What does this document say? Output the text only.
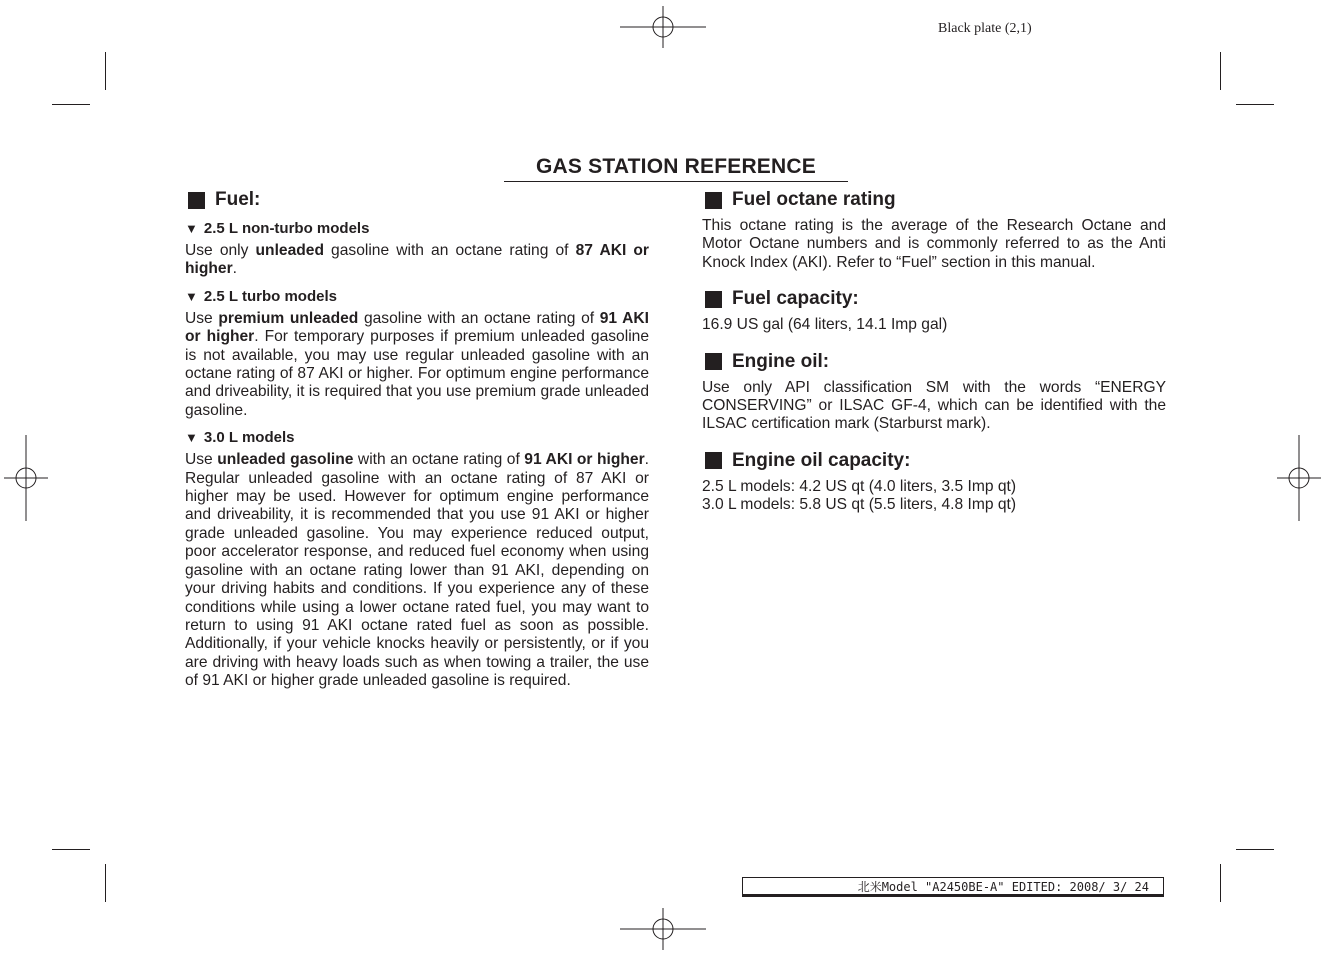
Black plate (2,1)
GAS STATION REFERENCE
Fuel:
▼ 2.5 L non-turbo models

Use only unleaded gasoline with an octane rating of 87 AKI or higher.

▼ 2.5 L turbo models

Use premium unleaded gasoline with an octane rating of 91 AKI or higher. For temporary purposes if premium unleaded gasoline is not available, you may use regular unleaded gasoline with an octane rating of 87 AKI or higher. For optimum engine performance and driveability, it is required that you use premium grade unleaded gasoline.

▼ 3.0 L models

Use unleaded gasoline with an octane rating of 91 AKI or higher. Regular unleaded gasoline with an octane rating of 87 AKI or higher may be used. However for optimum engine performance and driveability, it is recommended that you use 91 AKI or higher grade unleaded gasoline. You may experience reduced output, poor accelerator response, and reduced fuel economy when using gasoline with an octane rating lower than 91 AKI, depending on your driving habits and conditions. If you experience any of these conditions while using a lower octane rated fuel, you may want to return to using 91 AKI octane rated fuel as soon as possible. Additionally, if your vehicle knocks heavily or persistently, or if you are driving with heavy loads such as when towing a trailer, the use of 91 AKI or higher grade unleaded gasoline is required.

Fuel octane rating

This octane rating is the average of the Research Octane and Motor Octane numbers and is commonly referred to as the Anti Knock Index (AKI). Refer to “Fuel” section in this manual.

Fuel capacity:

16.9 US gal (64 liters, 14.1 Imp gal)

Engine oil:

Use only API classification SM with the words “ENERGY CONSERVING” or ILSAC GF-4, which can be identified with the ILSAC certification mark (Starburst mark).

Engine oil capacity:
2.5 L models: 4.2 US qt (4.0 liters, 3.5 Imp qt)
3.0 L models: 5.8 US qt (5.5 liters, 4.8 Imp qt)
北米Model "A2450BE-A" EDITED: 2008/ 3/ 24
